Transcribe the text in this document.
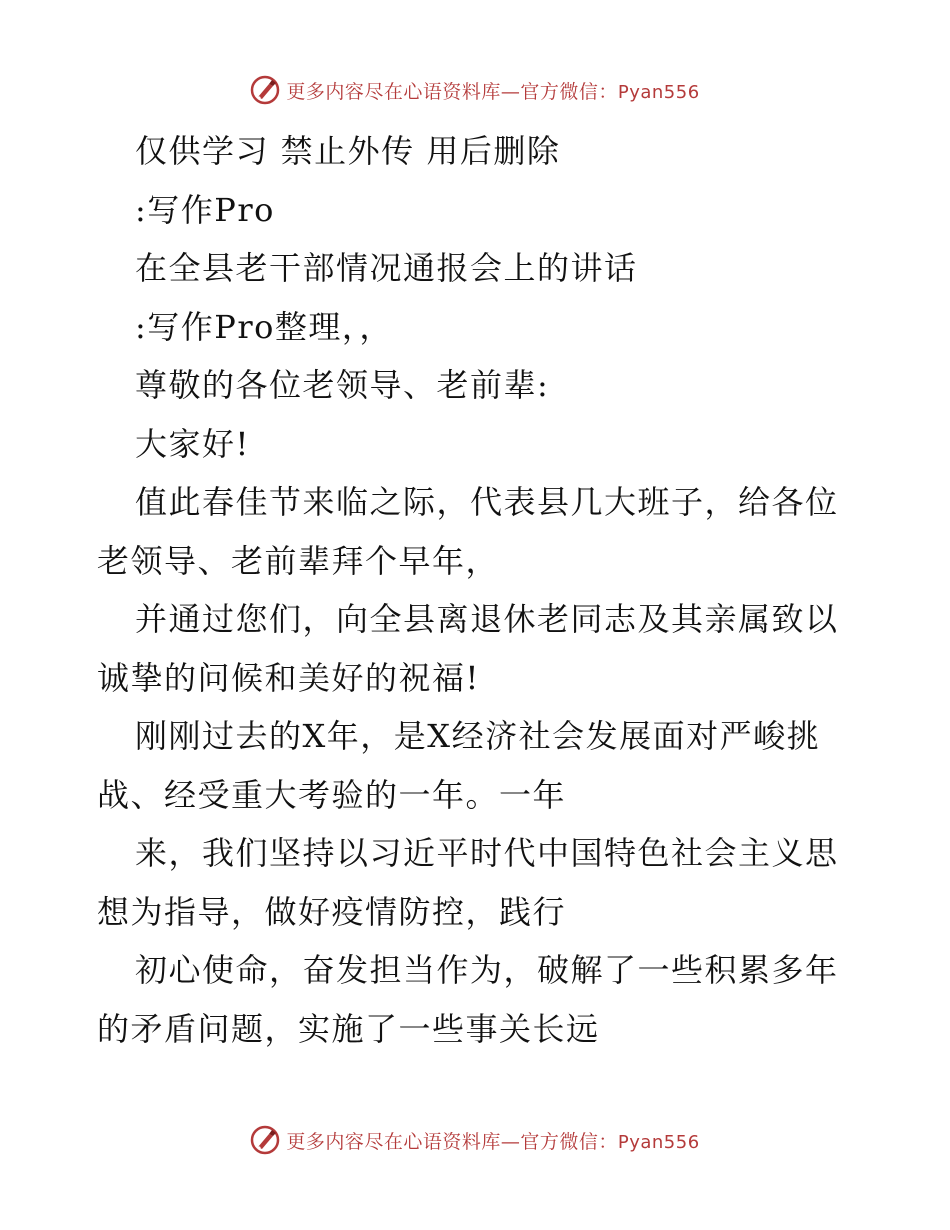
更多内容尽在心语资料库—官方微信：Pyan556

仅供学习 禁止外传 用后删除

:写作Pro

在全县老干部情况通报会上的讲话

:写作Pro整理，，

尊敬的各位老领导、老前辈:

大家好!

值此春佳节来临之际，代表县几大班子，给各位老领导、老前辈拜个早年，

并通过您们，向全县离退休老同志及其亲属致以诚挚的问候和美好的祝福!

刚刚过去的X年，是X经济社会发展面对严峻挑战、经受重大考验的一年。一年

来，我们坚持以习近平时代中国特色社会主义思想为指导，做好疫情防控，践行

初心使命，奋发担当作为，破解了一些积累多年的矛盾问题，实施了一些事关长远

更多内容尽在心语资料库—官方微信：Pyan556
